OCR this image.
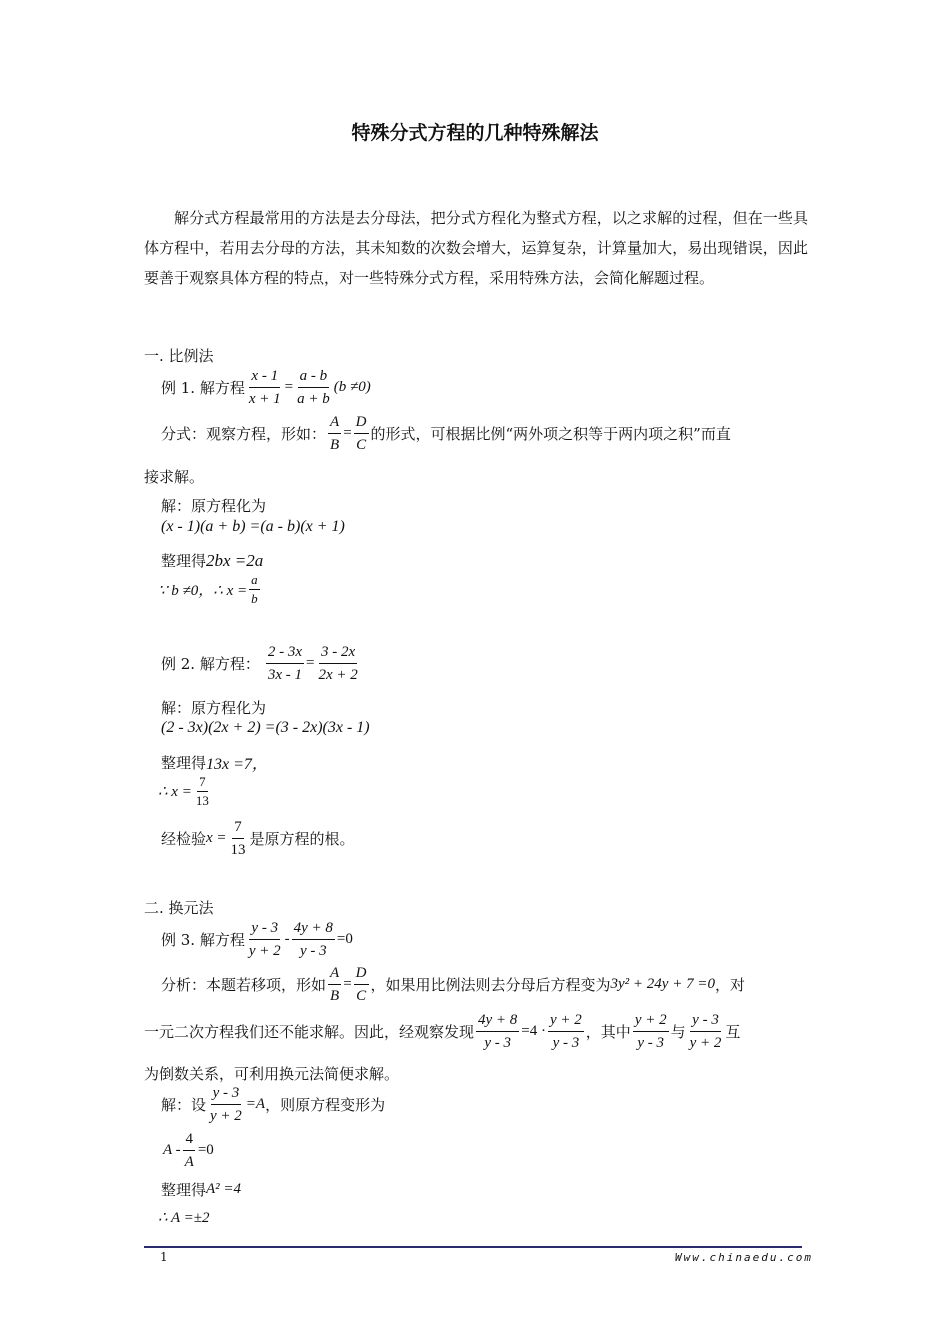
特殊分式方程的几种特殊解法
解分式方程最常用的方法是去分母法，把分式方程化为整式方程，以之求解的过程，但在一些具体方程中，若用去分母的方法，其未知数的次数会增大，运算复杂，计算量加大，易出现错误，因此要善于观察具体方程的特点，对一些特殊分式方程，采用特殊方法，会简化解题过程。
一. 比例法
例 1. 解方程 $\frac{x - 1}{x + 1} = \frac{a - b}{a + b} (b \ne 0)$
分式：观察方程，形如： $\frac{A}{B} = \frac{D}{C}$ 的形式，可根据比例“两外项之积等于两内项之积”而直
接求解。
解：原方程化为
(x - 1)(a + b) =(a - b)(x + 1)
整理得 2bx =2a
∵ b ≠0，∴ $x = \frac{a}{b}$
例 2. 解方程： $\frac{2 - 3x}{3x - 1} = \frac{3 - 2x}{2x + 2}$
解：原方程化为
(2 - 3x)(2x + 2) =(3 - 2x)(3x - 1)
整理得 13x =7，
∴ $x = \frac{7}{13}$
经检验 $x = \frac{7}{13}$ 是原方程的根。
二. 换元法
例 3. 解方程 $\frac{y - 3}{y + 2} - \frac{4y + 8}{y - 3} =0$
分析：本题若移项，形如 $\frac{A}{B} = \frac{D}{C}$ ，如果用比例法则去分母后方程变为 3y² + 24y + 7 =0 ，对
一元二次方程我们还不能求解。因此，经观察发现 $\frac{4y + 8}{y - 3} =4 \cdot \frac{y + 2}{y - 3}$ ，其中 $\frac{y + 2}{y - 3}$ 与 $\frac{y - 3}{y + 2}$ 互
为倒数关系，可利用换元法简便求解。
解：设 $\frac{y - 3}{y + 2} =A$ ，则原方程变形为
$A - \frac{4}{A} =0$
整理得 A² =4
∴ A =±2
1	Www.chinaedu.com
